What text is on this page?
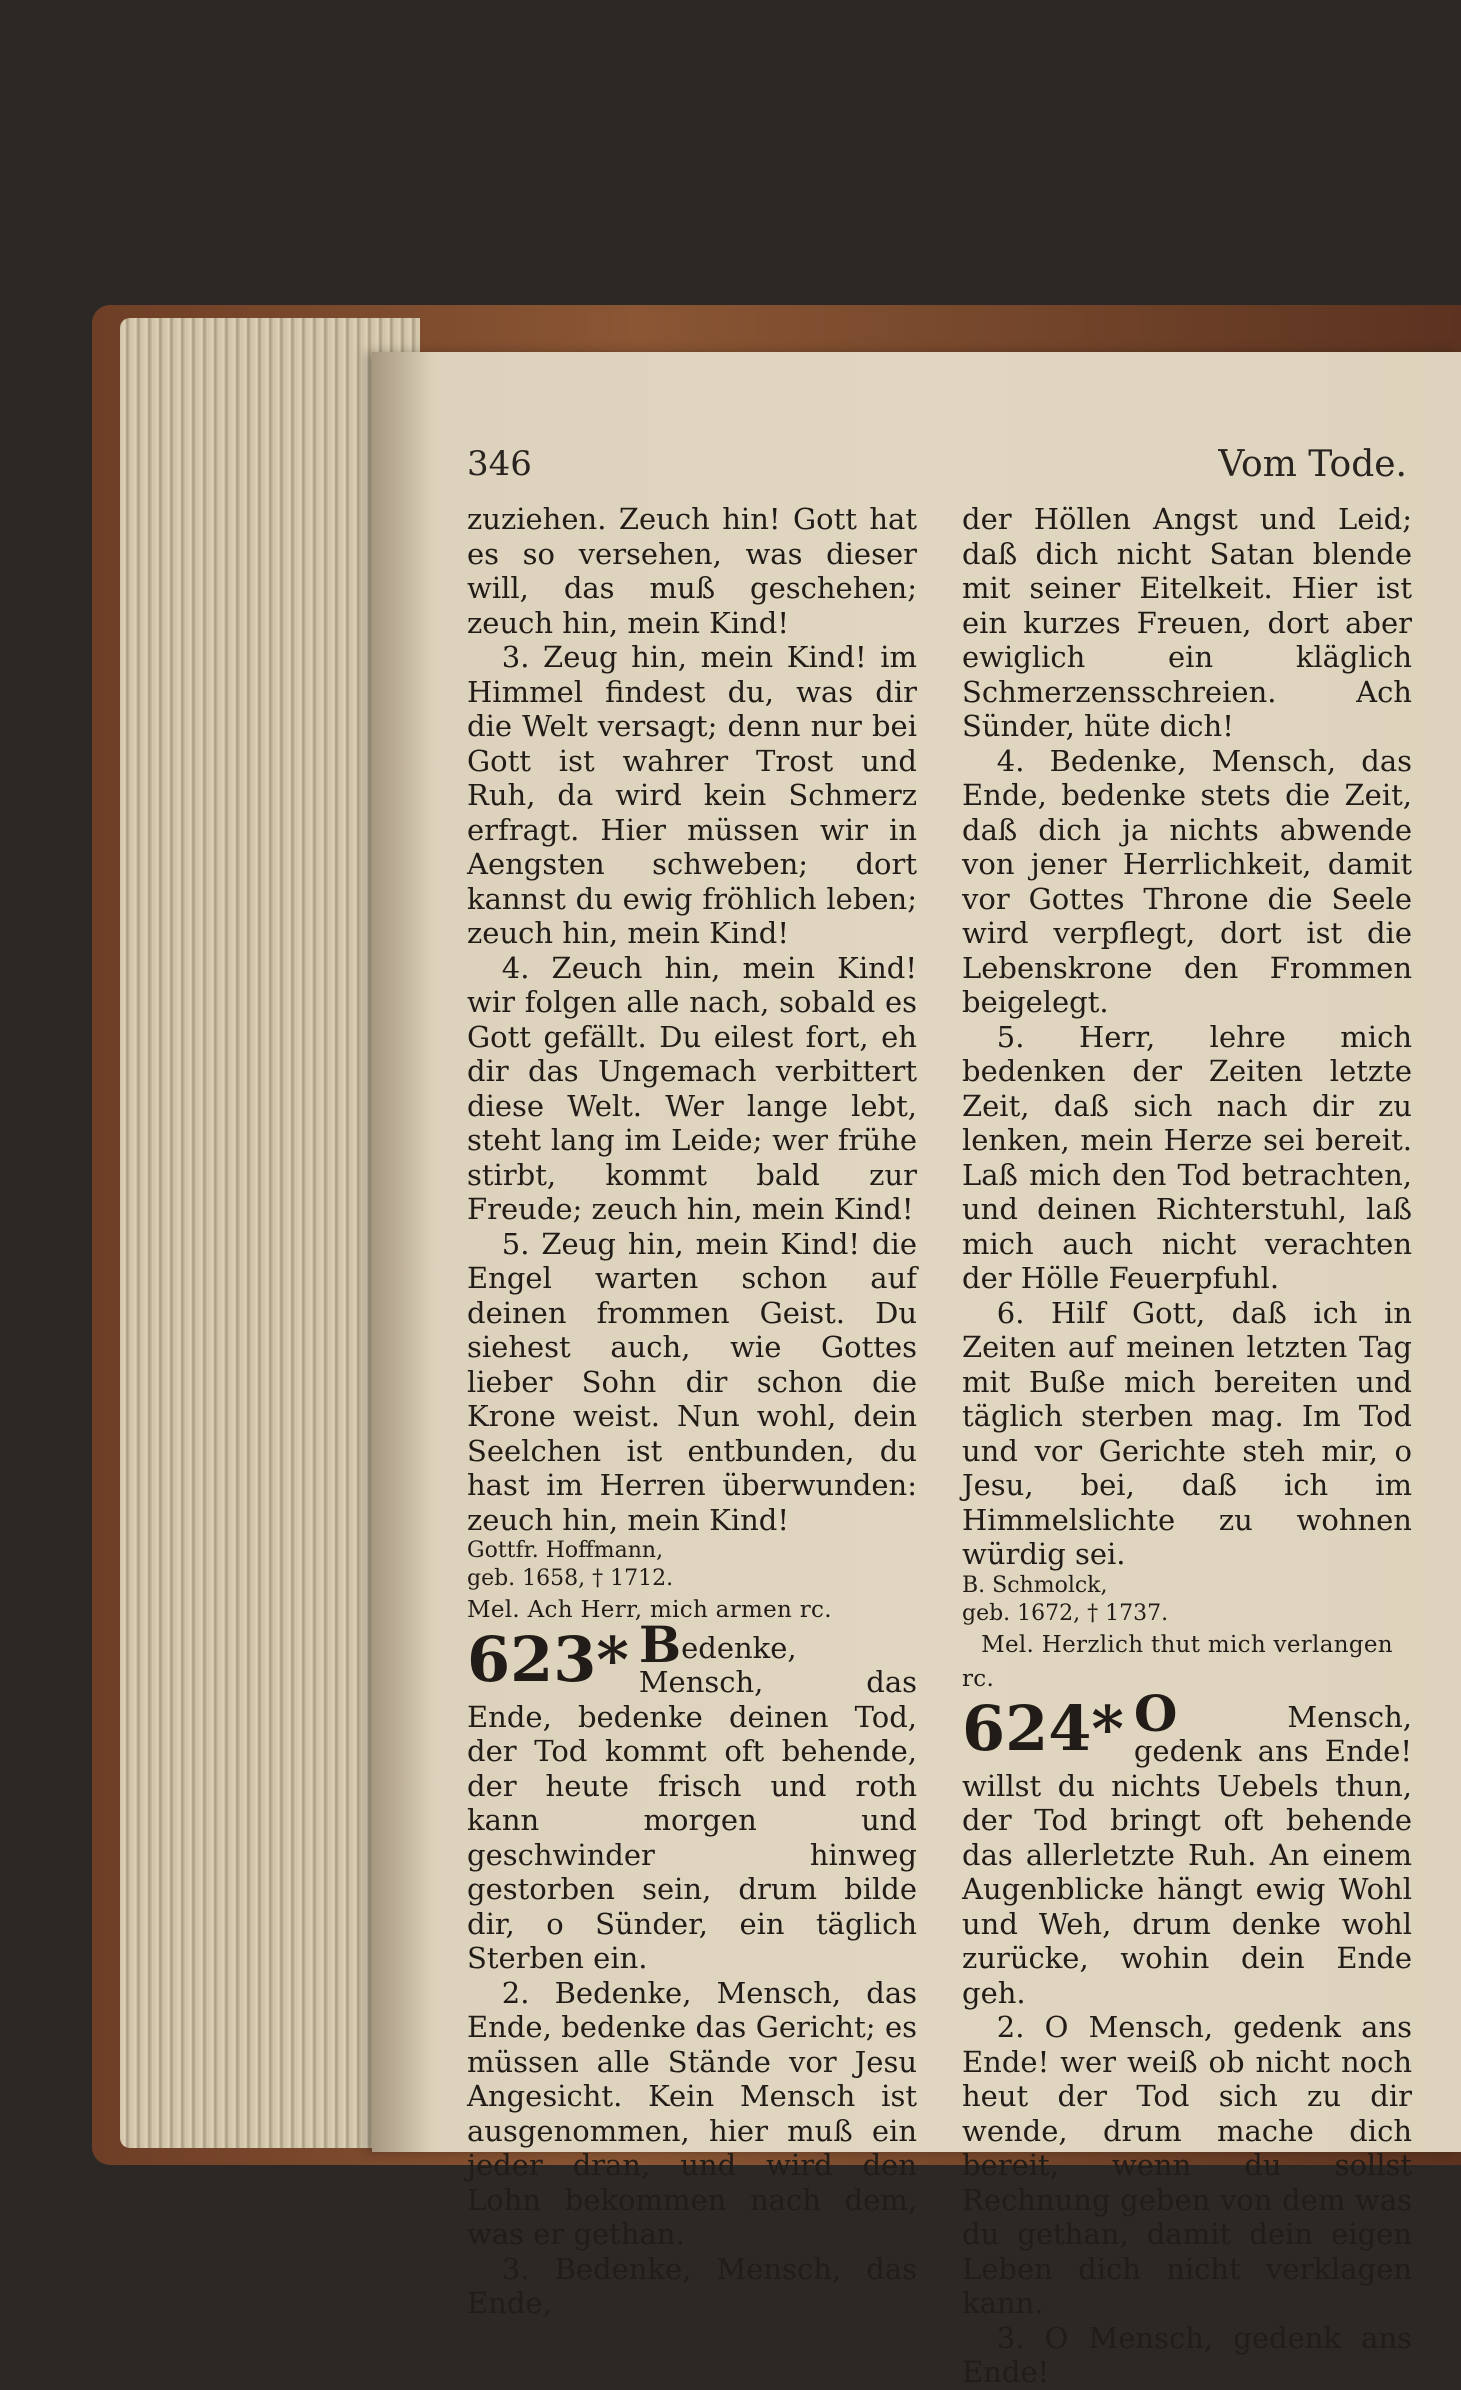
346	Vom Tode.

zuziehen. Zeuch hin! Gott hat es so versehen, was dieser will, das muß geschehen; zeuch hin, mein Kind!

3. Zeug hin, mein Kind! im Himmel findest du, was dir die Welt versagt; denn nur bei Gott ist wahrer Trost und Ruh, da wird kein Schmerz erfragt. Hier müssen wir in Aengsten schweben; dort kannst du ewig fröhlich leben; zeuch hin, mein Kind!

4. Zeuch hin, mein Kind! wir folgen alle nach, sobald es Gott gefällt. Du eilest fort, eh dir das Ungemach verbittert diese Welt. Wer lange lebt, steht lang im Leide; wer frühe stirbt, kommt bald zur Freude; zeuch hin, mein Kind!

5. Zeug hin, mein Kind! die Engel warten schon auf deinen frommen Geist. Du siehest auch, wie Gottes lieber Sohn dir schon die Krone weist. Nun wohl, dein Seelchen ist entbunden, du hast im Herren überwunden: zeuch hin, mein Kind!

Gottfr. Hoffmann,
geb. 1658, † 1712.

Mel. Ach Herr, mich armen rc.

623* Bedenke, Mensch, das Ende, bedenke deinen Tod, der Tod kommt oft behende, der heute frisch und roth kann morgen und geschwinder hinweg gestorben sein, drum bilde dir, o Sünder, ein täglich Sterben ein.

2. Bedenke, Mensch, das Ende, bedenke das Gericht; es müssen alle Stände vor Jesu Angesicht. Kein Mensch ist ausgenommen, hier muß ein jeder dran, und wird den Lohn bekommen nach dem, was er gethan.

3. Bedenke, Mensch, das Ende,

der Höllen Angst und Leid; daß dich nicht Satan blende mit seiner Eitelkeit. Hier ist ein kurzes Freuen, dort aber ewiglich ein kläglich Schmerzensschreien. Ach Sünder, hüte dich!

4. Bedenke, Mensch, das Ende, bedenke stets die Zeit, daß dich ja nichts abwende von jener Herrlichkeit, damit vor Gottes Throne die Seele wird verpflegt, dort ist die Lebenskrone den Frommen beigelegt.

5. Herr, lehre mich bedenken der Zeiten letzte Zeit, daß sich nach dir zu lenken, mein Herze sei bereit. Laß mich den Tod betrachten, und deinen Richterstuhl, laß mich auch nicht verachten der Hölle Feuerpfuhl.

6. Hilf Gott, daß ich in Zeiten auf meinen letzten Tag mit Buße mich bereiten und täglich sterben mag. Im Tod und vor Gerichte steh mir, o Jesu, bei, daß ich im Himmelslichte zu wohnen würdig sei.

B. Schmolck,
geb. 1672, † 1737.

Mel. Herzlich thut mich verlangen rc.

624* O Mensch, gedenk ans Ende! willst du nichts Uebels thun, der Tod bringt oft behende das allerletzte Ruh. An einem Augenblicke hängt ewig Wohl und Weh, drum denke wohl zurücke, wohin dein Ende geh.

2. O Mensch, gedenk ans Ende! wer weiß ob nicht noch heut der Tod sich zu dir wende, drum mache dich bereit, wenn du sollst Rechnung geben von dem was du gethan, damit dein eigen Leben dich nicht verklagen kann.

3. O Mensch, gedenk ans Ende!
